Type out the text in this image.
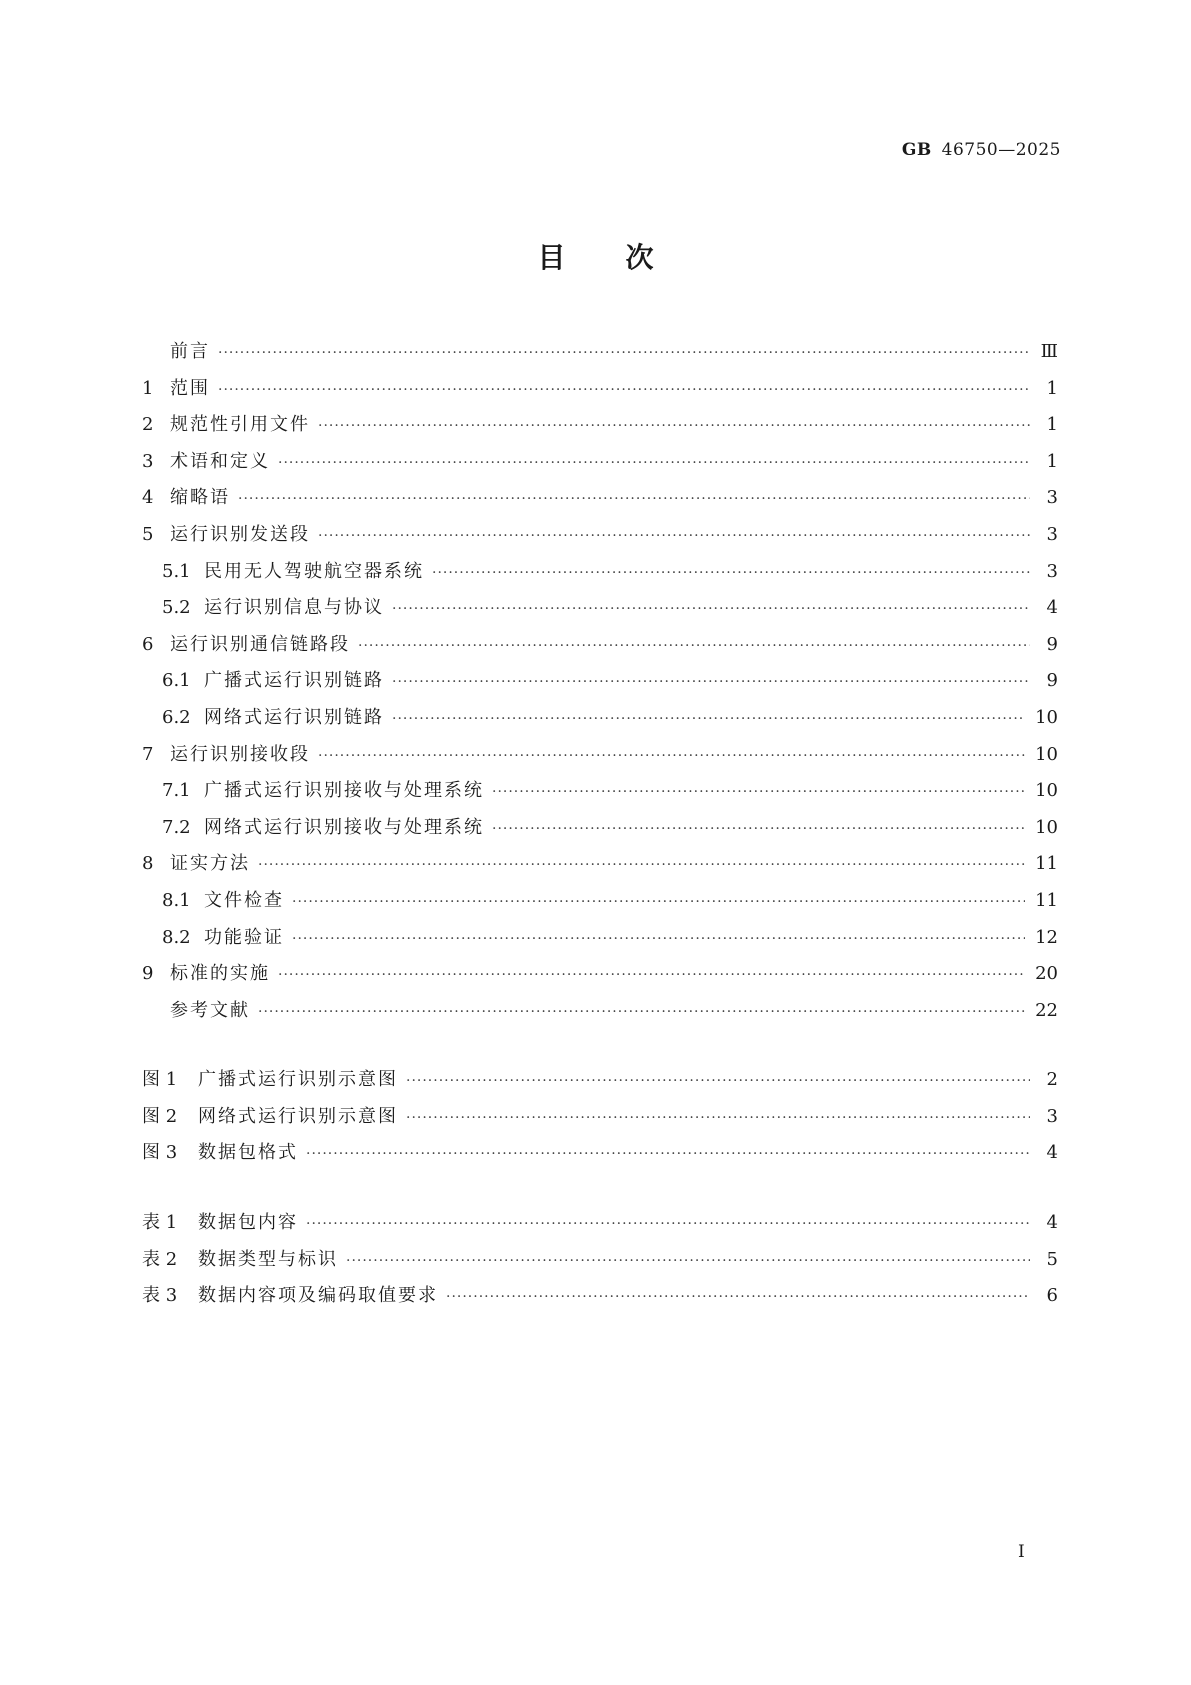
GB 46750—2025
目次
前言 ·····	Ⅲ
1 范围 ·····	1
2 规范性引用文件 ·····	1
3 术语和定义 ·····	1
4 缩略语 ·····	3
5 运行识别发送段 ·····	3
5.1 民用无人驾驶航空器系统 ·····	3
5.2 运行识别信息与协议 ·····	4
6 运行识别通信链路段 ·····	9
6.1 广播式运行识别链路 ·····	9
6.2 网络式运行识别链路 ·····	10
7 运行识别接收段 ·····	10
7.1 广播式运行识别接收与处理系统 ·····	10
7.2 网络式运行识别接收与处理系统 ·····	10
8 证实方法 ·····	11
8.1 文件检查 ·····	11
8.2 功能验证 ·····	12
9 标准的实施 ·····	20
参考文献 ·····	22
图 1	广播式运行识别示意图 ·····	2
图 2	网络式运行识别示意图 ·····	3
图 3	数据包格式 ·····	4
表 1	数据包内容 ·····	4
表 2	数据类型与标识 ·····	5
表 3	数据内容项及编码取值要求 ·····	6
I
